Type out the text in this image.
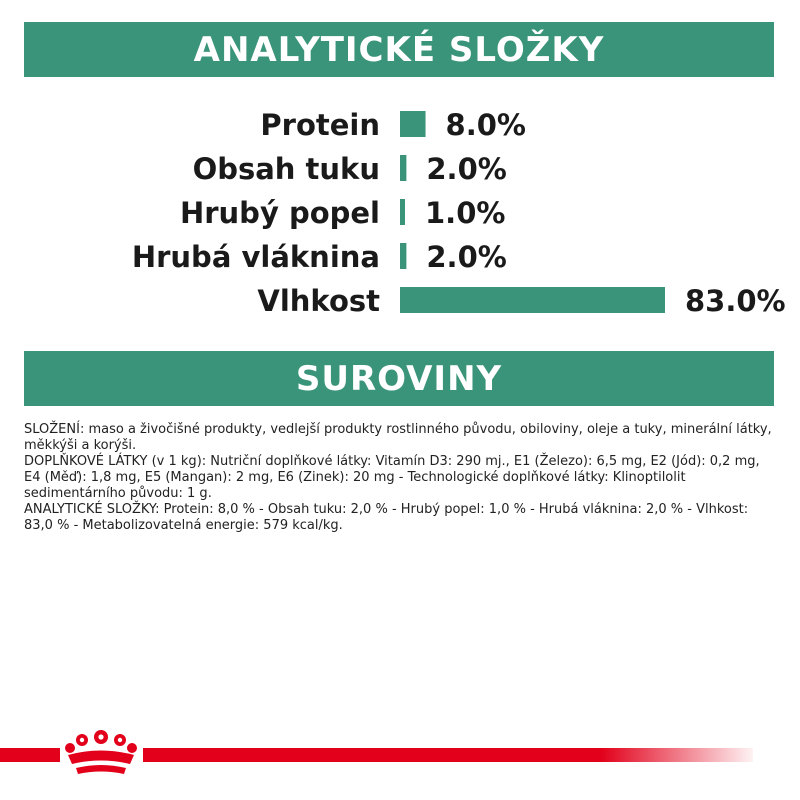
ANALYTICKÉ SLOŽKY
Protein 8.0%
Obsah tuku 2.0%
Hrubý popel 1.0%
Hrubá vláknina 2.0%
Vlhkost	83.0%
SUROVINY

SLOŽENÍ: maso a živočišné produkty, vedlejší produkty rostlinného původu, obiloviny, oleje a tuky, minerální látky, měkkýši a korýši.

DOPLŇKOVÉ LÁTKY (v 1 kg): Nutriční doplňkové látky: Vitamín D3: 290 mj., E1 (Železo): 6,5 mg, E2 (Jód): 0,2 mg, E4 (Měď): 1,8 mg, E5 (Mangan): 2 mg, E6 (Zinek): 20 mg - Technologické doplňkové látky: Klinoptilolit sedimentárního původu: 1 g.

ANALYTICKÉ SLOŽKY: Protein: 8,0 % - Obsah tuku: 2,0 % - Hrubý popel: 1,0 % - Hrubá vláknina: 2,0 % - Vlhkost: 83,0 % - Metabolizovatelná energie: 579 kcal/kg.
